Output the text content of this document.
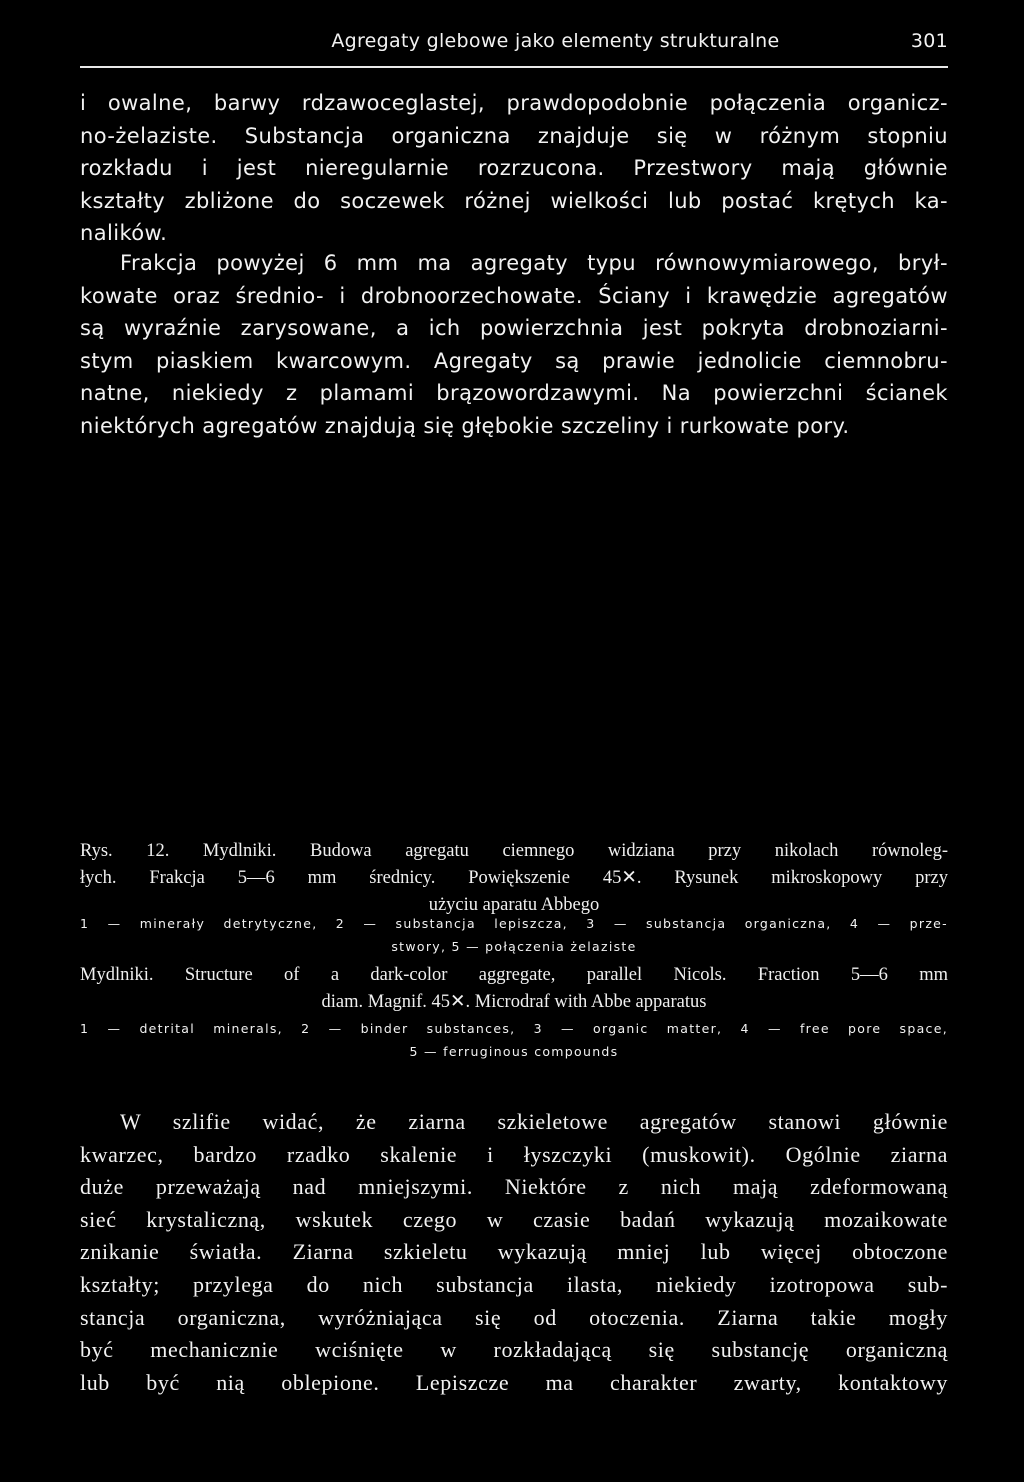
Agregaty glebowe jako elementy strukturalne	301
i owalne, barwy rdzawoceglastej, prawdopodobnie połączenia organicz-
no-żelaziste. Substancja organiczna znajduje się w różnym stopniu
rozkładu i jest nieregularnie rozrzucona. Przestwory mają głównie
kształty zbliżone do soczewek różnej wielkości lub postać krętych ka-
nalików.
Frakcja powyżej 6 mm ma agregaty typu równowymiarowego, brył-
kowate oraz średnio- i drobnoorzechowate. Ściany i krawędzie agregatów
są wyraźnie zarysowane, a ich powierzchnia jest pokryta drobnoziarni-
stym piaskiem kwarcowym. Agregaty są prawie jednolicie ciemnobru-
natne, niekiedy z plamami brązowordzawymi. Na powierzchni ścianek
niektórych agregatów znajdują się głębokie szczeliny i rurkowate pory.
Rys. 12. Mydlniki. Budowa agregatu ciemnego widziana przy nikolach równoleg-
łych. Frakcja 5—6 mm średnicy. Powiększenie 45✕. Rysunek mikroskopowy przy
użyciu aparatu Abbego
1 — minerały detrytyczne, 2 — substancja lepiszcza, 3 — substancja organiczna, 4 — prze-
stwory, 5 — połączenia żelaziste
Mydlniki. Structure of a dark-color aggregate, parallel Nicols. Fraction 5—6 mm
diam. Magnif. 45✕. Microdraf with Abbe apparatus
1 — detrital minerals, 2 — binder substances, 3 — organic matter, 4 — free pore space,
5 — ferruginous compounds
W szlifie widać, że ziarna szkieletowe agregatów stanowi głównie
kwarzec, bardzo rzadko skalenie i łyszczyki (muskowit). Ogólnie ziarna
duże przeważają nad mniejszymi. Niektóre z nich mają zdeformowaną
sieć krystaliczną, wskutek czego w czasie badań wykazują mozaikowate
znikanie światła. Ziarna szkieletu wykazują mniej lub więcej obtoczone
kształty; przylega do nich substancja ilasta, niekiedy izotropowa sub-
stancja organiczna, wyróżniająca się od otoczenia. Ziarna takie mogły
być mechanicznie wciśnięte w rozkładającą się substancję organiczną
lub być nią oblepione. Lepiszcze ma charakter zwarty, kontaktowy
